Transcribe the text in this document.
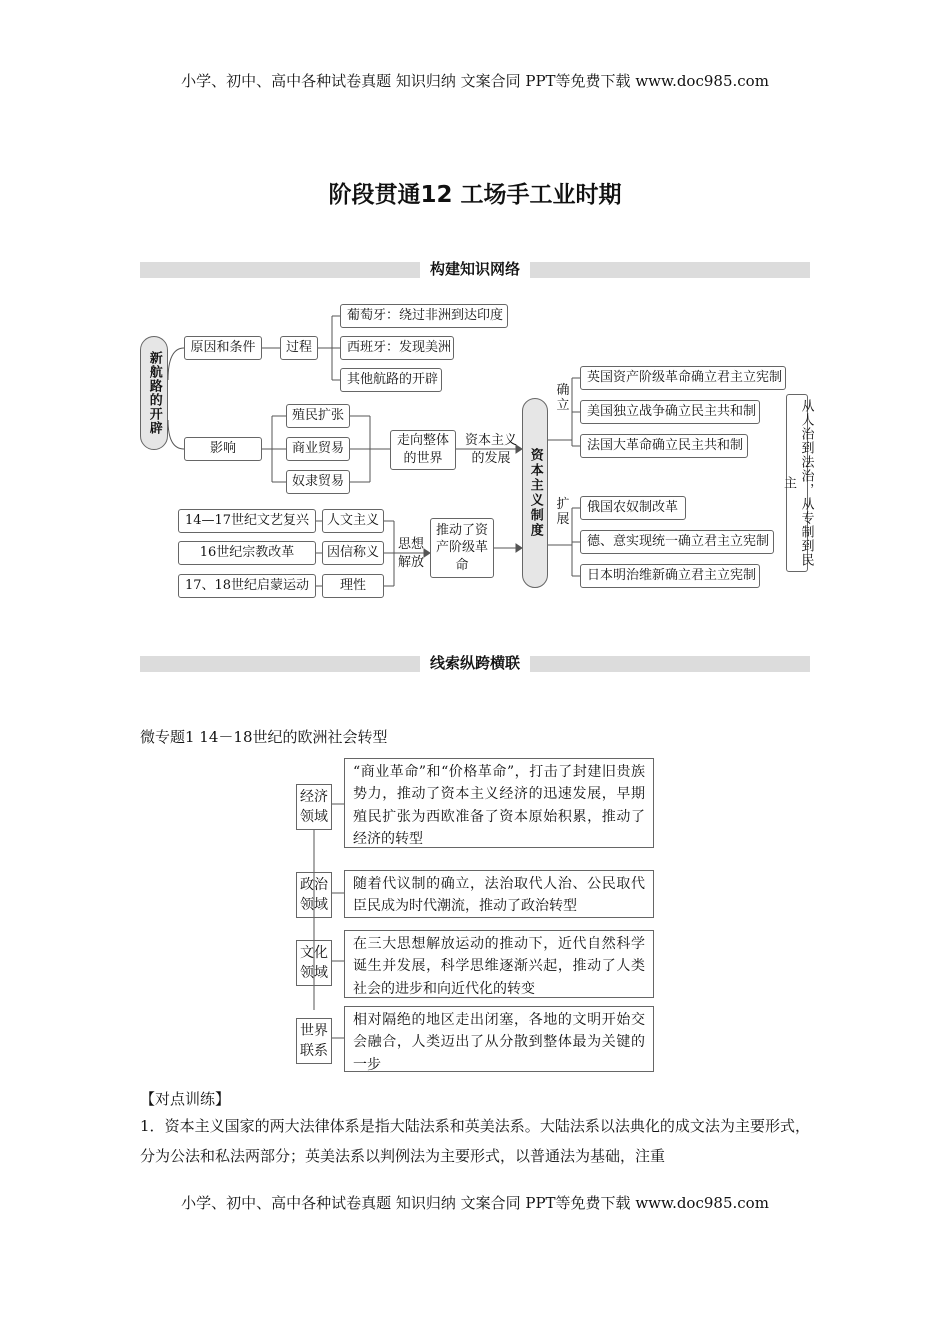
小学、初中、高中各种试卷真题 知识归纳 文案合同 PPT等免费下载 www.doc985.com
阶段贯通12 工场手工业时期
构建知识网络
新航路的开辟
原因和条件	过程
葡萄牙：绕过非洲到达印度
西班牙：发现美洲
其他航路的开辟
影响
殖民扩张
商业贸易
奴隶贸易
走向整体的世界
资本主义的发展
14—17世纪文艺复兴
16世纪宗教改革
17、18世纪启蒙运动
人文主义
因信称义
理性
思想解放
推动了资产阶级革命
资本主义制度
确立
扩展
英国资产阶级革命确立君主立宪制
美国独立战争确立民主共和制
法国大革命确立民主共和制
俄国农奴制改革
德、意实现统一确立君主立宪制
日本明治维新确立君主立宪制
从人治到法治，从专制到民主
线索纵跨横联
微专题1 14－18世纪的欧洲社会转型
经济领域
“商业革命”和“价格革命”，打击了封建旧贵族势力，推动了资本主义经济的迅速发展，早期殖民扩张为西欧准备了资本原始积累，推动了经济的转型
政治领域
随着代议制的确立，法治取代人治、公民取代臣民成为时代潮流，推动了政治转型
文化领域
在三大思想解放运动的推动下，近代自然科学诞生并发展，科学思维逐渐兴起，推动了人类社会的进步和向近代化的转变
世界联系
相对隔绝的地区走出闭塞，各地的文明开始交会融合，人类迈出了从分散到整体最为关键的一步
【对点训练】
1．资本主义国家的两大法律体系是指大陆法系和英美法系。大陆法系以法典化的成文法为主要形式，分为公法和私法两部分；英美法系以判例法为主要形式，以普通法为基础，注重
小学、初中、高中各种试卷真题 知识归纳 文案合同 PPT等免费下载 www.doc985.com
